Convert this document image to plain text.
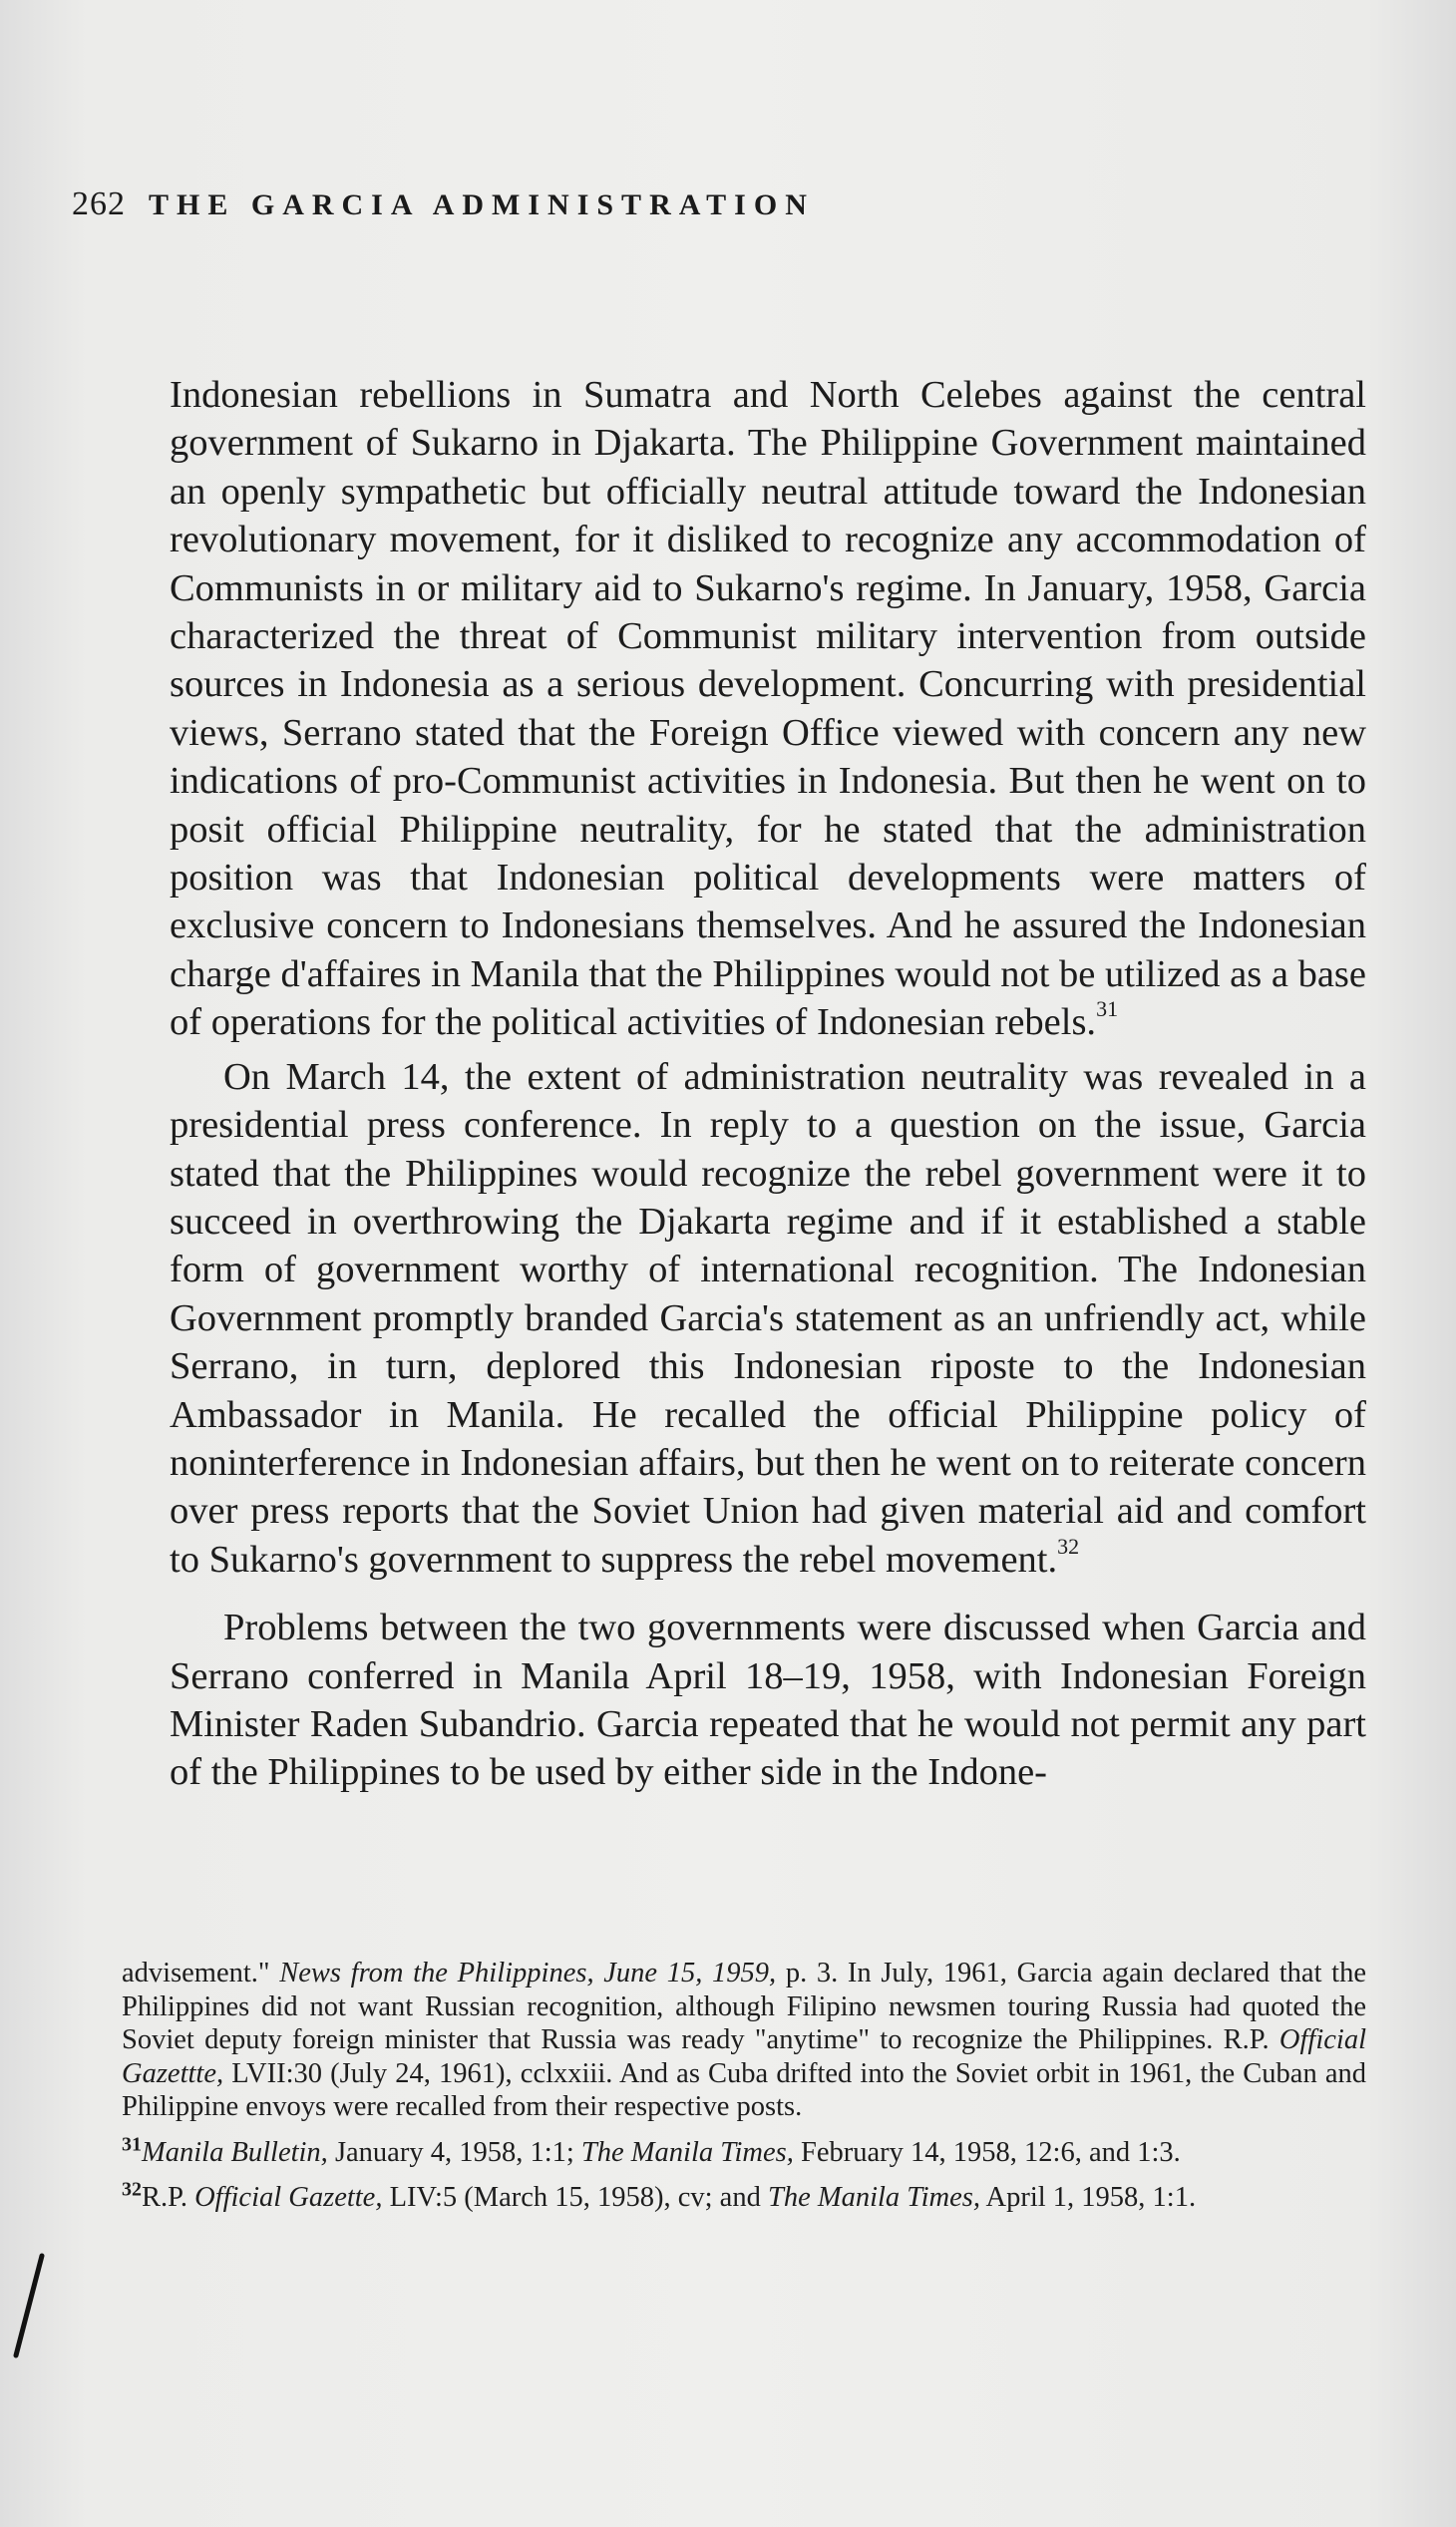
262 THE GARCIA ADMINISTRATION

Indonesian rebellions in Sumatra and North Celebes against the central government of Sukarno in Djakarta. The Philippine Government maintained an openly sympathetic but officially neutral attitude toward the Indonesian revolutionary movement, for it disliked to recognize any accommodation of Communists in or military aid to Sukarno's regime. In January, 1958, Garcia characterized the threat of Communist military intervention from outside sources in Indonesia as a serious development. Concurring with presidential views, Serrano stated that the Foreign Office viewed with concern any new indications of pro-Communist activities in Indonesia. But then he went on to posit official Philippine neutrality, for he stated that the administration position was that Indonesian political developments were matters of exclusive concern to Indonesians themselves. And he assured the Indonesian charge d'affaires in Manila that the Philippines would not be utilized as a base of operations for the political activities of Indonesian rebels.$^{31}$

On March 14, the extent of administration neutrality was revealed in a presidential press conference. In reply to a question on the issue, Garcia stated that the Philippines would recognize the rebel government were it to succeed in overthrowing the Djakarta regime and if it established a stable form of government worthy of international recognition. The Indonesian Government promptly branded Garcia's statement as an unfriendly act, while Serrano, in turn, deplored this Indonesian riposte to the Indonesian Ambassador in Manila. He recalled the official Philippine policy of noninterference in Indonesian affairs, but then he went on to reiterate concern over press reports that the Soviet Union had given material aid and comfort to Sukarno's government to suppress the rebel movement.$^{32}$

Problems between the two governments were discussed when Garcia and Serrano conferred in Manila April 18–19, 1958, with Indonesian Foreign Minister Raden Subandrio. Garcia repeated that he would not permit any part of the Philippines to be used by either side in the Indone-

advisement." News from the Philippines, June 15, 1959, p. 3. In July, 1961, Garcia again declared that the Philippines did not want Russian recognition, although Filipino newsmen touring Russia had quoted the Soviet deputy foreign minister that Russia was ready "anytime" to recognize the Philippines. R.P. Official Gazettte, LVII:30 (July 24, 1961), cclxxiii. And as Cuba drifted into the Soviet orbit in 1961, the Cuban and Philippine envoys were recalled from their respective posts.

$^{31}$Manila Bulletin, January 4, 1958, 1:1; The Manila Times, February 14, 1958, 12:6, and 1:3.

$^{32}$R.P. Official Gazette, LIV:5 (March 15, 1958), cv; and The Manila Times, April 1, 1958, 1:1.
